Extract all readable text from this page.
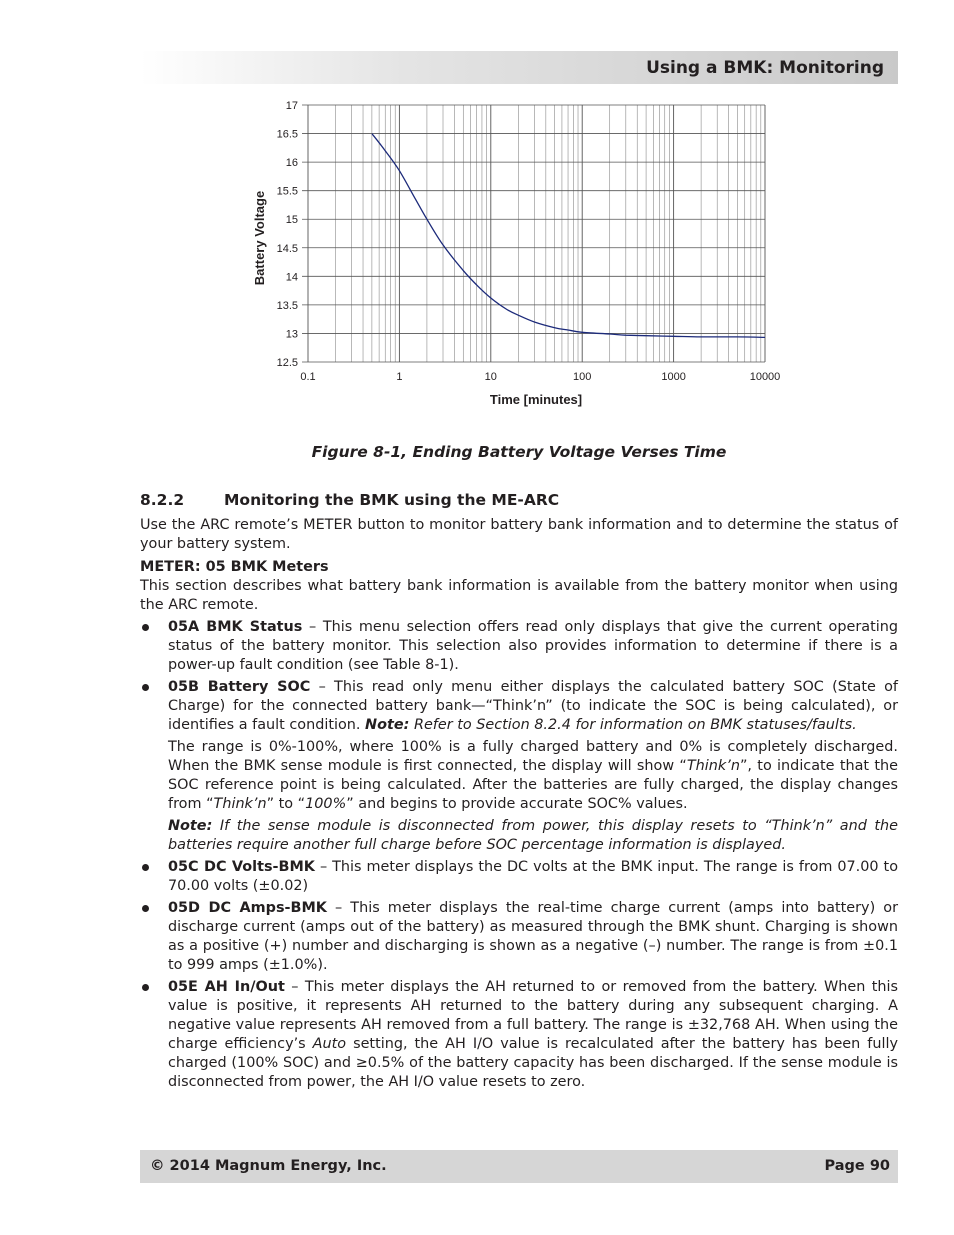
Using a BMK: Monitoring
0.1	1	10	100	1000	10000
12.5
13
13.5
14
14.5
15
15.5
16
16.5
17
Battery Voltage
Time [minutes]
Figure 8-1, Ending Battery Voltage Verses Time
8.2.2	Monitoring the BMK using the ME-ARC

Use the ARC remote’s METER button to monitor battery bank information and to determine the status of your battery system.

METER: 05 BMK Meters

This section describes what battery bank information is available from the battery monitor when using the ARC remote.

05A BMK Status – This menu selection offers read only displays that give the current operating status of the battery monitor. This selection also provides information to determine if there is a power-up fault condition (see Table 8-1).

05B Battery SOC – This read only menu either displays the calculated battery SOC (State of Charge) for the connected battery bank—“Think’n” (to indicate the SOC is being calculated), or identifies a fault condition. Note: Refer to Section 8.2.4 for information on BMK statuses/faults.

The range is 0%-100%, where 100% is a fully charged battery and 0% is completely discharged. When the BMK sense module is first connected, the display will show “Think’n”, to indicate that the SOC reference point is being calculated. After the batteries are fully charged, the display changes from “Think’n” to “100%” and begins to provide accurate SOC% values.

Note: If the sense module is disconnected from power, this display resets to “Think’n” and the batteries require another full charge before SOC percentage information is displayed.

05C DC Volts-BMK – This meter displays the DC volts at the BMK input. The range is from 07.00 to 70.00 volts (±0.02)
05D DC Amps-BMK – This meter displays the real-time charge current (amps into battery) or discharge current (amps out of the battery) as measured through the BMK shunt. Charging is shown as a positive (+) number and discharging is shown as a negative (–) number. The range is from ±0.1 to 999 amps (±1.0%).
05E AH In/Out – This meter displays the AH returned to or removed from the battery. When this value is positive, it represents AH returned to the battery during any subsequent charging. A negative value represents AH removed from a full battery. The range is ±32,768 AH. When using the charge efficiency’s Auto setting, the AH I/O value is recalculated after the battery has been fully charged (100% SOC) and ≥0.5% of the battery capacity has been discharged. If the sense module is disconnected from power, the AH I/O value resets to zero.
© 2014 Magnum Energy, Inc.	Page 90
